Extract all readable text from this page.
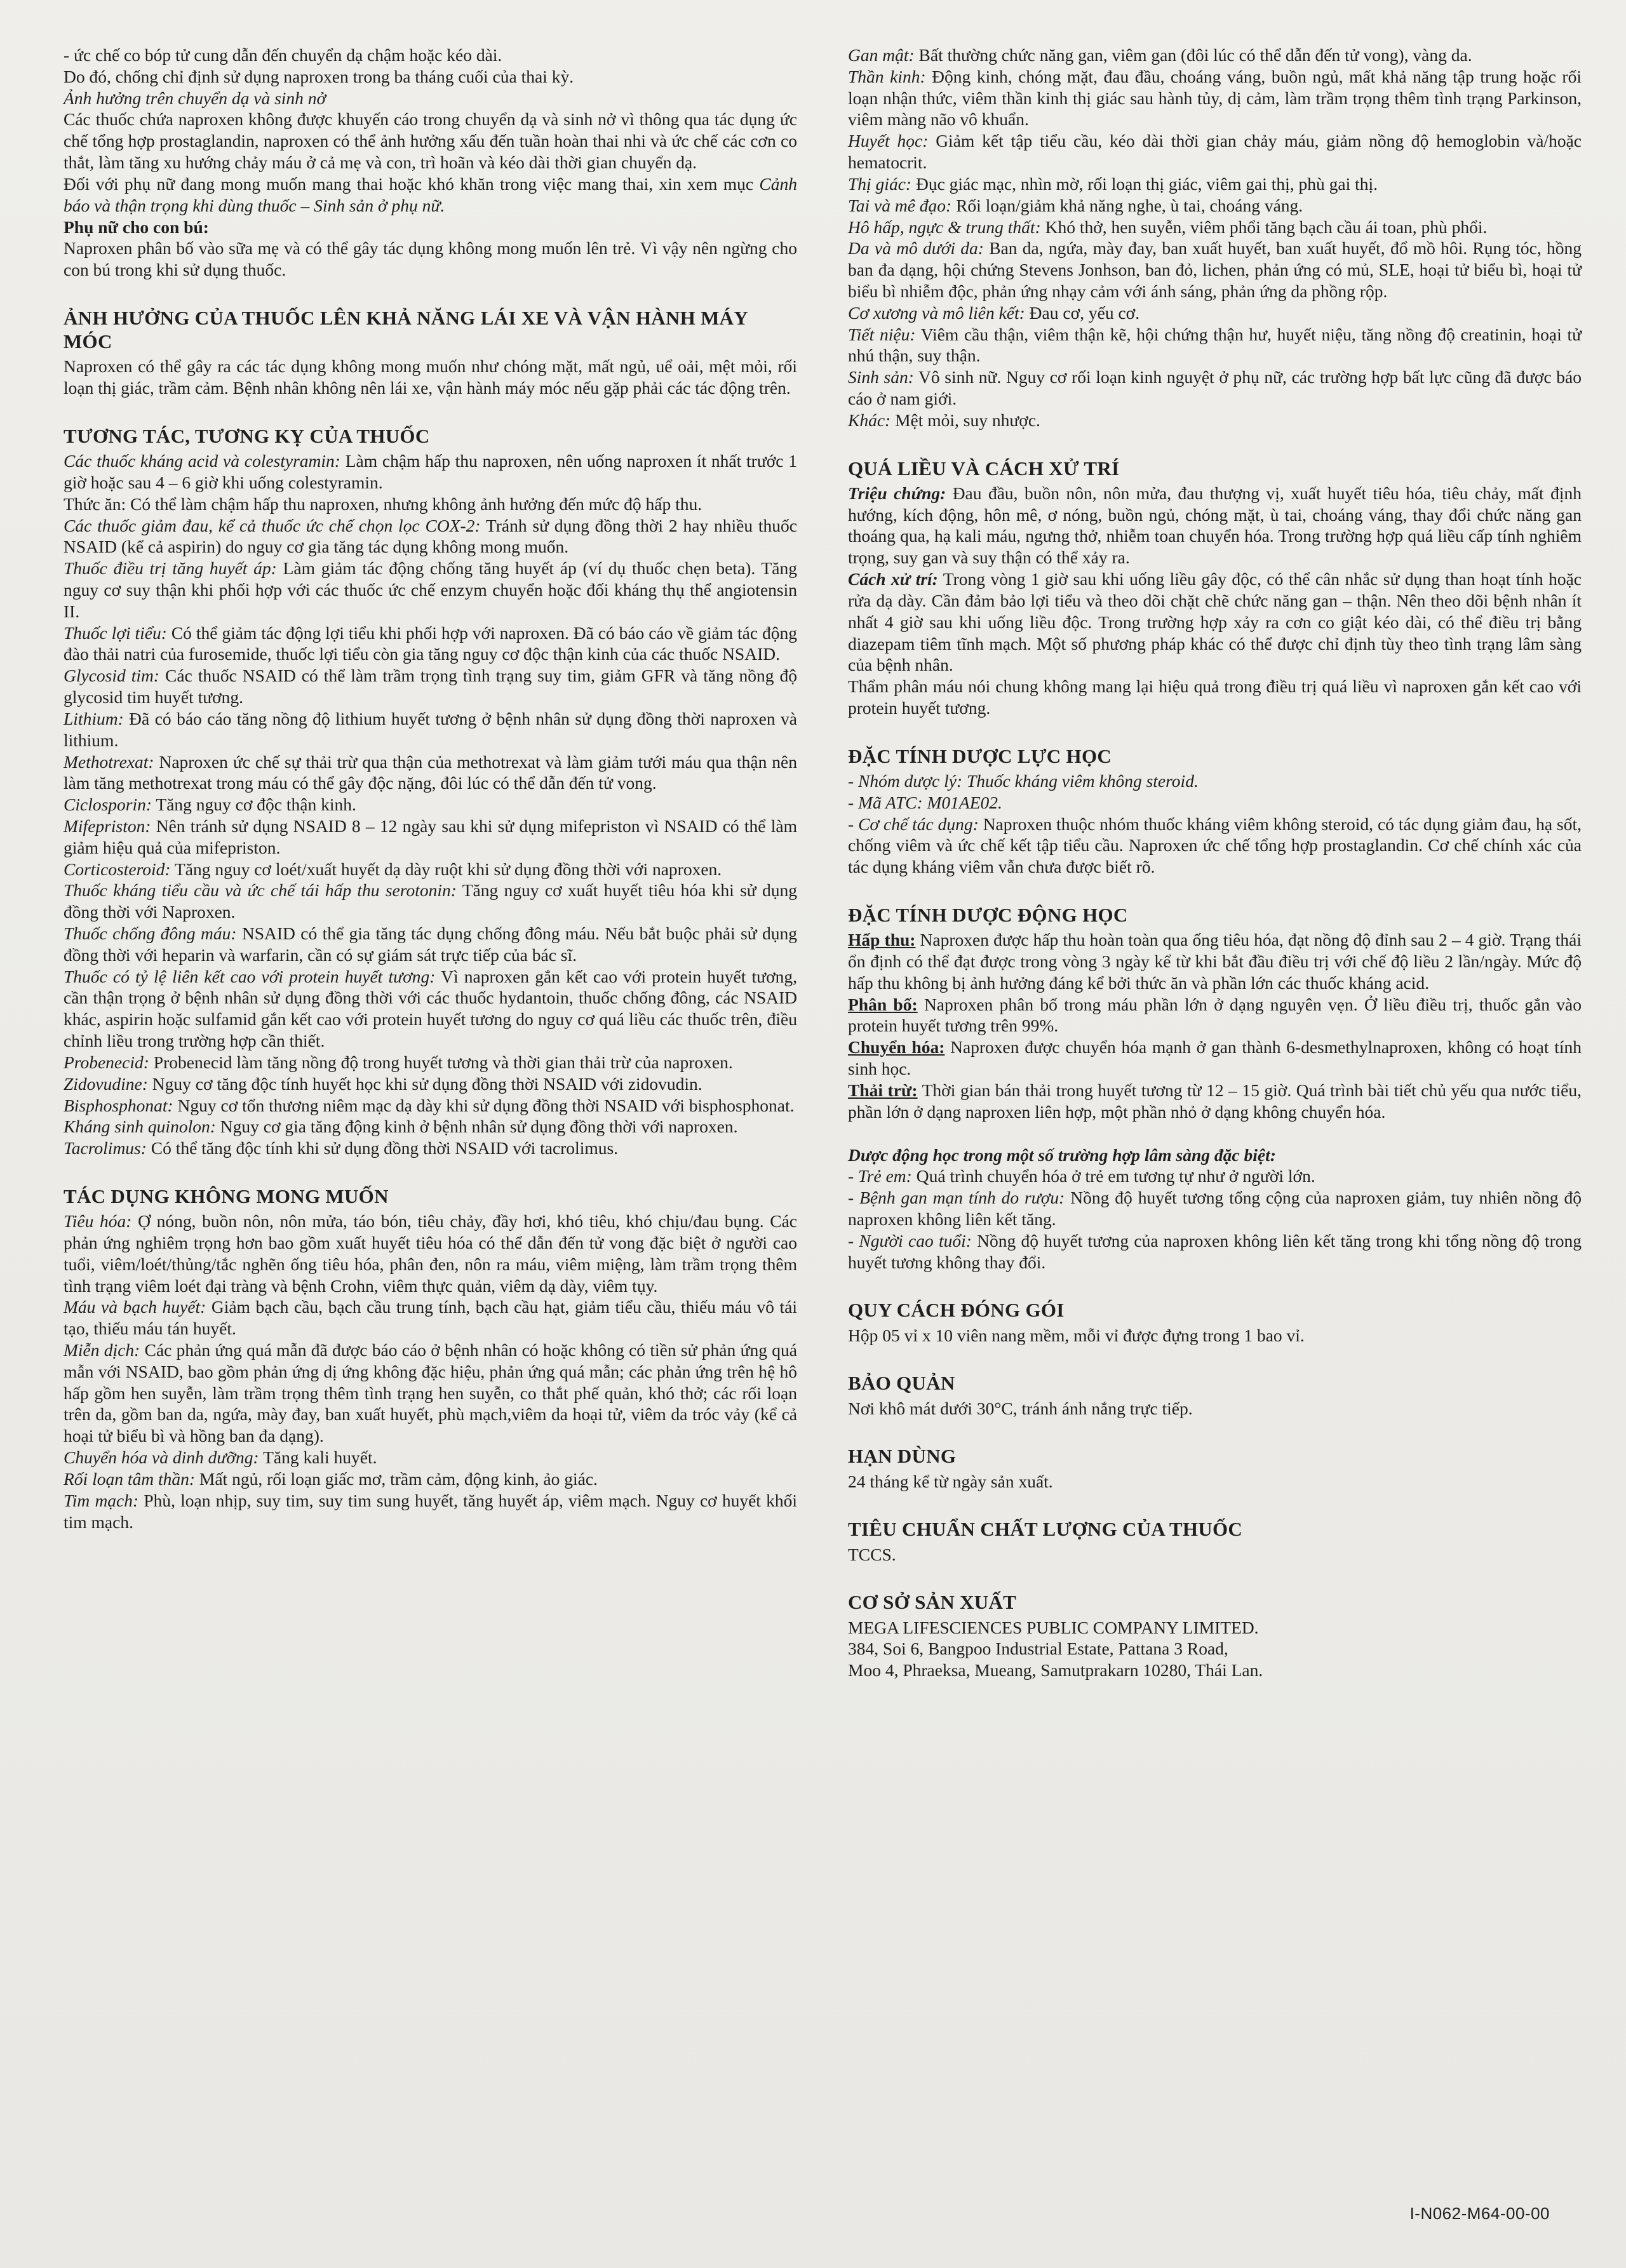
- ức chế co bóp tử cung dẫn đến chuyển dạ chậm hoặc kéo dài.

Do đó, chống chỉ định sử dụng naproxen trong ba tháng cuối của thai kỳ.

Ảnh hưởng trên chuyển dạ và sinh nở

Các thuốc chứa naproxen không được khuyến cáo trong chuyển dạ và sinh nở vì thông qua tác dụng ức chế tổng hợp prostaglandin, naproxen có thể ảnh hưởng xấu đến tuần hoàn thai nhi và ức chế các cơn co thắt, làm tăng xu hướng chảy máu ở cả mẹ và con, trì hoãn và kéo dài thời gian chuyển dạ.

Đối với phụ nữ đang mong muốn mang thai hoặc khó khăn trong việc mang thai, xin xem mục Cảnh báo và thận trọng khi dùng thuốc – Sinh sản ở phụ nữ.

Phụ nữ cho con bú:

Naproxen phân bố vào sữa mẹ và có thể gây tác dụng không mong muốn lên trẻ. Vì vậy nên ngừng cho con bú trong khi sử dụng thuốc.

ẢNH HƯỞNG CỦA THUỐC LÊN KHẢ NĂNG LÁI XE VÀ VẬN HÀNH MÁY MÓC

Naproxen có thể gây ra các tác dụng không mong muốn như chóng mặt, mất ngủ, uể oải, mệt mỏi, rối loạn thị giác, trầm cảm. Bệnh nhân không nên lái xe, vận hành máy móc nếu gặp phải các tác động trên.

TƯƠNG TÁC, TƯƠNG KỴ CỦA THUỐC

Các thuốc kháng acid và colestyramin: Làm chậm hấp thu naproxen, nên uống naproxen ít nhất trước 1 giờ hoặc sau 4 – 6 giờ khi uống colestyramin.

Thức ăn: Có thể làm chậm hấp thu naproxen, nhưng không ảnh hưởng đến mức độ hấp thu.

Các thuốc giảm đau, kể cả thuốc ức chế chọn lọc COX-2: Tránh sử dụng đồng thời 2 hay nhiều thuốc NSAID (kể cả aspirin) do nguy cơ gia tăng tác dụng không mong muốn.

Thuốc điều trị tăng huyết áp: Làm giảm tác động chống tăng huyết áp (ví dụ thuốc chẹn beta). Tăng nguy cơ suy thận khi phối hợp với các thuốc ức chế enzym chuyển hoặc đối kháng thụ thể angiotensin II.

Thuốc lợi tiểu: Có thể giảm tác động lợi tiểu khi phối hợp với naproxen. Đã có báo cáo về giảm tác động đào thải natri của furosemide, thuốc lợi tiểu còn gia tăng nguy cơ độc thận kinh của các thuốc NSAID.

Glycosid tim: Các thuốc NSAID có thể làm trầm trọng tình trạng suy tim, giảm GFR và tăng nồng độ glycosid tim huyết tương.

Lithium: Đã có báo cáo tăng nồng độ lithium huyết tương ở bệnh nhân sử dụng đồng thời naproxen và lithium.

Methotrexat: Naproxen ức chế sự thải trừ qua thận của methotrexat và làm giảm tưới máu qua thận nên làm tăng methotrexat trong máu có thể gây độc nặng, đôi lúc có thể dẫn đến tử vong.

Ciclosporin: Tăng nguy cơ độc thận kinh.

Mifepriston: Nên tránh sử dụng NSAID 8 – 12 ngày sau khi sử dụng mifepriston vì NSAID có thể làm giảm hiệu quả của mifepriston.

Corticosteroid: Tăng nguy cơ loét/xuất huyết dạ dày ruột khi sử dụng đồng thời với naproxen.

Thuốc kháng tiểu cầu và ức chế tái hấp thu serotonin: Tăng nguy cơ xuất huyết tiêu hóa khi sử dụng đồng thời với Naproxen.

Thuốc chống đông máu: NSAID có thể gia tăng tác dụng chống đông máu. Nếu bắt buộc phải sử dụng đồng thời với heparin và warfarin, cần có sự giám sát trực tiếp của bác sĩ.

Thuốc có tỷ lệ liên kết cao với protein huyết tương: Vì naproxen gắn kết cao với protein huyết tương, cần thận trọng ở bệnh nhân sử dụng đồng thời với các thuốc hydantoin, thuốc chống đông, các NSAID khác, aspirin hoặc sulfamid gắn kết cao với protein huyết tương do nguy cơ quá liều các thuốc trên, điều chỉnh liều trong trường hợp cần thiết.

Probenecid: Probenecid làm tăng nồng độ trong huyết tương và thời gian thải trừ của naproxen.

Zidovudine: Nguy cơ tăng độc tính huyết học khi sử dụng đồng thời NSAID với zidovudin.

Bisphosphonat: Nguy cơ tổn thương niêm mạc dạ dày khi sử dụng đồng thời NSAID với bisphosphonat.

Kháng sinh quinolon: Nguy cơ gia tăng động kinh ở bệnh nhân sử dụng đồng thời với naproxen.

Tacrolimus: Có thể tăng độc tính khi sử dụng đồng thời NSAID với tacrolimus.

TÁC DỤNG KHÔNG MONG MUỐN

Tiêu hóa: Ợ nóng, buồn nôn, nôn mửa, táo bón, tiêu chảy, đầy hơi, khó tiêu, khó chịu/đau bụng. Các phản ứng nghiêm trọng hơn bao gồm xuất huyết tiêu hóa có thể dẫn đến tử vong đặc biệt ở người cao tuổi, viêm/loét/thủng/tắc nghẽn ống tiêu hóa, phân đen, nôn ra máu, viêm miệng, làm trầm trọng thêm tình trạng viêm loét đại tràng và bệnh Crohn, viêm thực quản, viêm dạ dày, viêm tụy.

Máu và bạch huyết: Giảm bạch cầu, bạch cầu trung tính, bạch cầu hạt, giảm tiểu cầu, thiếu máu vô tái tạo, thiếu máu tán huyết.

Miễn dịch: Các phản ứng quá mẫn đã được báo cáo ở bệnh nhân có hoặc không có tiền sử phản ứng quá mẫn với NSAID, bao gồm phản ứng dị ứng không đặc hiệu, phản ứng quá mẫn; các phản ứng trên hệ hô hấp gồm hen suyễn, làm trầm trọng thêm tình trạng hen suyễn, co thắt phế quản, khó thở; các rối loạn trên da, gồm ban da, ngứa, mày đay, ban xuất huyết, phù mạch,viêm da hoại tử, viêm da tróc vảy (kể cả hoại tử biểu bì và hồng ban đa dạng).

Chuyển hóa và dinh dưỡng: Tăng kali huyết.

Rối loạn tâm thần: Mất ngủ, rối loạn giấc mơ, trầm cảm, động kinh, ảo giác.

Tim mạch: Phù, loạn nhịp, suy tim, suy tim sung huyết, tăng huyết áp, viêm mạch. Nguy cơ huyết khối tim mạch.

Gan mật: Bất thường chức năng gan, viêm gan (đôi lúc có thể dẫn đến tử vong), vàng da.

Thần kinh: Động kinh, chóng mặt, đau đầu, choáng váng, buồn ngủ, mất khả năng tập trung hoặc rối loạn nhận thức, viêm thần kinh thị giác sau hành tủy, dị cảm, làm trầm trọng thêm tình trạng Parkinson, viêm màng não vô khuẩn.

Huyết học: Giảm kết tập tiểu cầu, kéo dài thời gian chảy máu, giảm nồng độ hemoglobin và/hoặc hematocrit.

Thị giác: Đục giác mạc, nhìn mờ, rối loạn thị giác, viêm gai thị, phù gai thị.

Tai và mê đạo: Rối loạn/giảm khả năng nghe, ù tai, choáng váng.

Hô hấp, ngực & trung thất: Khó thở, hen suyễn, viêm phổi tăng bạch cầu ái toan, phù phổi.

Da và mô dưới da: Ban da, ngứa, mày đay, ban xuất huyết, ban xuất huyết, đổ mồ hôi. Rụng tóc, hồng ban đa dạng, hội chứng Stevens Jonhson, ban đỏ, lichen, phản ứng có mủ, SLE, hoại tử biểu bì, hoại tử biểu bì nhiễm độc, phản ứng nhạy cảm với ánh sáng, phản ứng da phồng rộp.

Cơ xương và mô liên kết: Đau cơ, yếu cơ.

Tiết niệu: Viêm cầu thận, viêm thận kẽ, hội chứng thận hư, huyết niệu, tăng nồng độ creatinin, hoại tử nhú thận, suy thận.

Sinh sản: Vô sinh nữ. Nguy cơ rối loạn kinh nguyệt ở phụ nữ, các trường hợp bất lực cũng đã được báo cáo ở nam giới.

Khác: Mệt mỏi, suy nhược.

QUÁ LIỀU VÀ CÁCH XỬ TRÍ

Triệu chứng: Đau đầu, buồn nôn, nôn mửa, đau thượng vị, xuất huyết tiêu hóa, tiêu chảy, mất định hướng, kích động, hôn mê, ơ nóng, buồn ngủ, chóng mặt, ù tai, choáng váng, thay đổi chức năng gan thoáng qua, hạ kali máu, ngưng thở, nhiễm toan chuyển hóa. Trong trường hợp quá liều cấp tính nghiêm trọng, suy gan và suy thận có thể xảy ra.

Cách xử trí: Trong vòng 1 giờ sau khi uống liều gây độc, có thể cân nhắc sử dụng than hoạt tính hoặc rửa dạ dày. Cần đảm bảo lợi tiểu và theo dõi chặt chẽ chức năng gan – thận. Nên theo dõi bệnh nhân ít nhất 4 giờ sau khi uống liều độc. Trong trường hợp xảy ra cơn co giật kéo dài, có thể điều trị bằng diazepam tiêm tĩnh mạch. Một số phương pháp khác có thể được chỉ định tùy theo tình trạng lâm sàng của bệnh nhân.

Thẩm phân máu nói chung không mang lại hiệu quả trong điều trị quá liều vì naproxen gắn kết cao với protein huyết tương.

ĐẶC TÍNH DƯỢC LỰC HỌC

- Nhóm dược lý: Thuốc kháng viêm không steroid.

- Mã ATC: M01AE02.

- Cơ chế tác dụng: Naproxen thuộc nhóm thuốc kháng viêm không steroid, có tác dụng giảm đau, hạ sốt, chống viêm và ức chế kết tập tiểu cầu. Naproxen ức chế tổng hợp prostaglandin. Cơ chế chính xác của tác dụng kháng viêm vẫn chưa được biết rõ.

ĐẶC TÍNH DƯỢC ĐỘNG HỌC

Hấp thu: Naproxen được hấp thu hoàn toàn qua ống tiêu hóa, đạt nồng độ đỉnh sau 2 – 4 giờ. Trạng thái ổn định có thể đạt được trong vòng 3 ngày kể từ khi bắt đầu điều trị với chế độ liều 2 lần/ngày. Mức độ hấp thu không bị ảnh hưởng đáng kể bởi thức ăn và phần lớn các thuốc kháng acid.

Phân bố: Naproxen phân bố trong máu phần lớn ở dạng nguyên vẹn. Ở liều điều trị, thuốc gắn vào protein huyết tương trên 99%.

Chuyển hóa: Naproxen được chuyển hóa mạnh ở gan thành 6-desmethylnaproxen, không có hoạt tính sinh học.

Thải trừ: Thời gian bán thải trong huyết tương từ 12 – 15 giờ. Quá trình bài tiết chủ yếu qua nước tiểu, phần lớn ở dạng naproxen liên hợp, một phần nhỏ ở dạng không chuyển hóa.

Dược động học trong một số trường hợp lâm sàng đặc biệt:

- Trẻ em: Quá trình chuyển hóa ở trẻ em tương tự như ở người lớn.

- Bệnh gan mạn tính do rượu: Nồng độ huyết tương tổng cộng của naproxen giảm, tuy nhiên nồng độ naproxen không liên kết tăng.

- Người cao tuổi: Nồng độ huyết tương của naproxen không liên kết tăng trong khi tổng nồng độ trong huyết tương không thay đổi.

QUY CÁCH ĐÓNG GÓI

Hộp 05 vỉ x 10 viên nang mềm, mỗi vỉ được đựng trong 1 bao vỉ.

BẢO QUẢN

Nơi khô mát dưới 30°C, tránh ánh nắng trực tiếp.

HẠN DÙNG

24 tháng kể từ ngày sản xuất.

TIÊU CHUẨN CHẤT LƯỢNG CỦA THUỐC

TCCS.

CƠ SỞ SẢN XUẤT

MEGA LIFESCIENCES PUBLIC COMPANY LIMITED.

384, Soi 6, Bangpoo Industrial Estate, Pattana 3 Road,

Moo 4, Phraeksa, Mueang, Samutprakarn 10280, Thái Lan.

I-N062-M64-00-00
